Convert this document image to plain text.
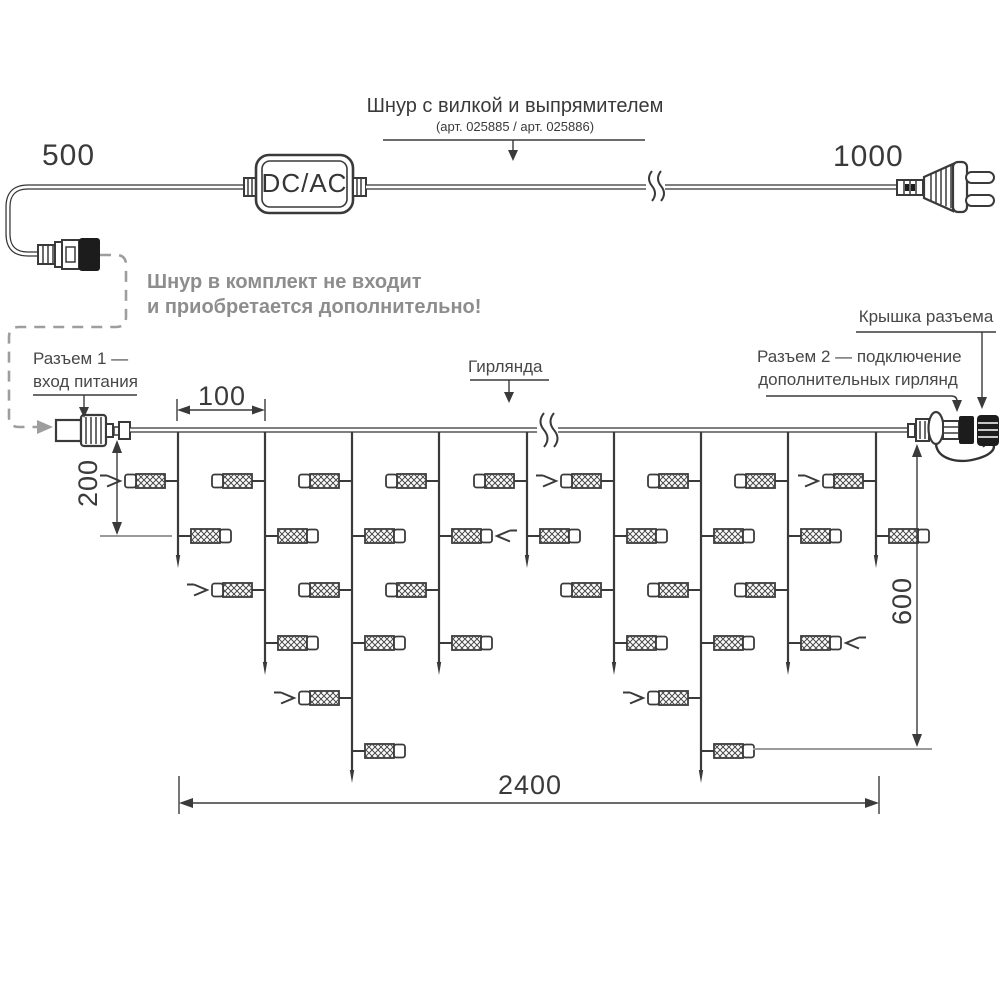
500	1000
DC/AC
Шнур с вилкой и выпрямителем
(арт. 025885 / арт. 025886)
Шнур в комплект не входит
и приобретается дополнительно!
Разъем 1 —
вход питания
Гирлянда
Разъем 2 — подключение
дополнительных гирлянд
Крышка разъема
100
200
600
2400
